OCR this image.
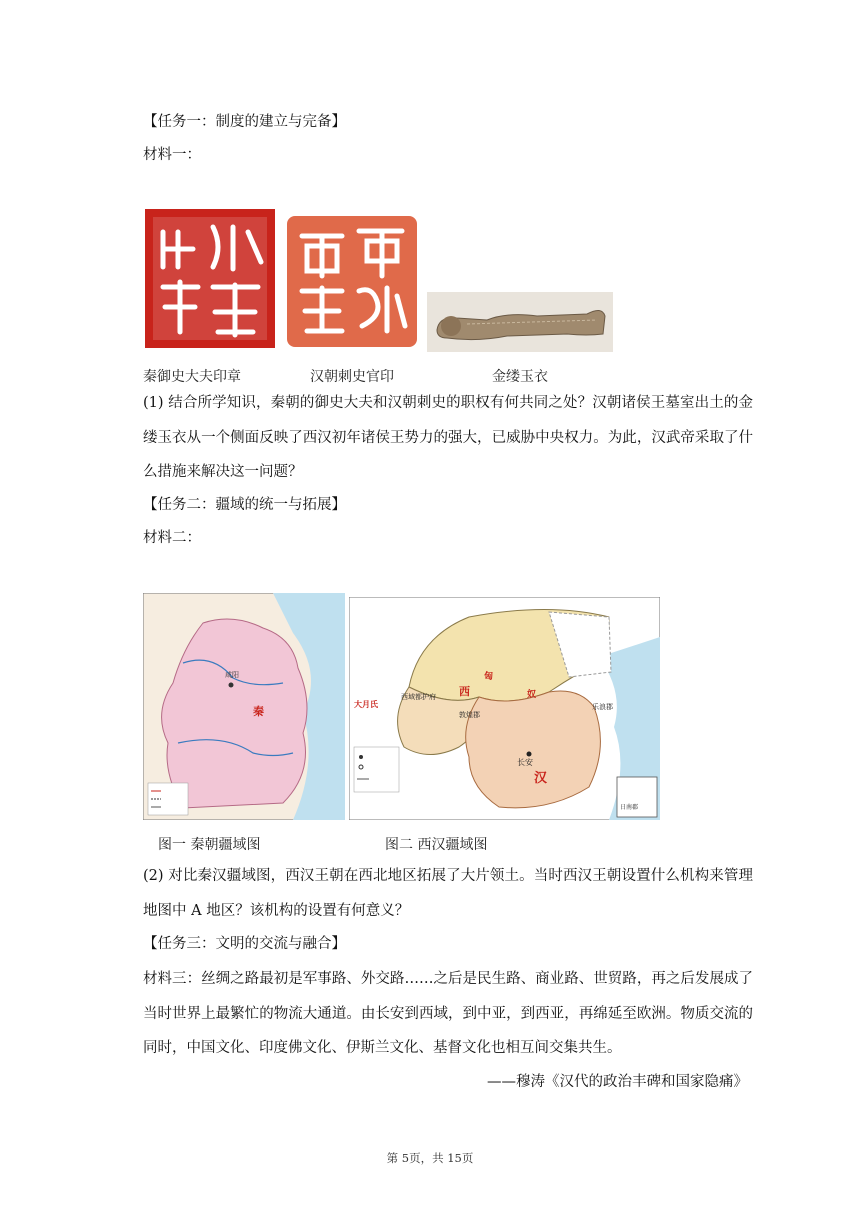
【任务一：制度的建立与完备】
材料一：
秦御史大夫印章	汉朝刺史官印	金缕玉衣
(1) 结合所学知识，秦朝的御史大夫和汉朝刺史的职权有何共同之处？汉朝诸侯王墓室出土的金缕玉衣从一个侧面反映了西汉初年诸侯王势力的强大，已威胁中央权力。为此，汉武帝采取了什么措施来解决这一问题？
【任务二：疆域的统一与拓展】
材料二：
咸阳
秦
西域都护府 西
匈
奴
敦煌郡
长安
汉
大月氏	乐浪郡
日南郡
图一 秦朝疆域图	图二 西汉疆域图
(2) 对比秦汉疆域图，西汉王朝在西北地区拓展了大片领土。当时西汉王朝设置什么机构来管理地图中 A 地区？该机构的设置有何意义？
【任务三：文明的交流与融合】
材料三：丝绸之路最初是军事路、外交路……之后是民生路、商业路、世贸路，再之后发展成了当时世界上最繁忙的物流大通道。由长安到西域，到中亚，到西亚，再绵延至欧洲。物质交流的同时，中国文化、印度佛文化、伊斯兰文化、基督文化也相互间交集共生。
——穆涛《汉代的政治丰碑和国家隐痛》
第 5页，共 15页
